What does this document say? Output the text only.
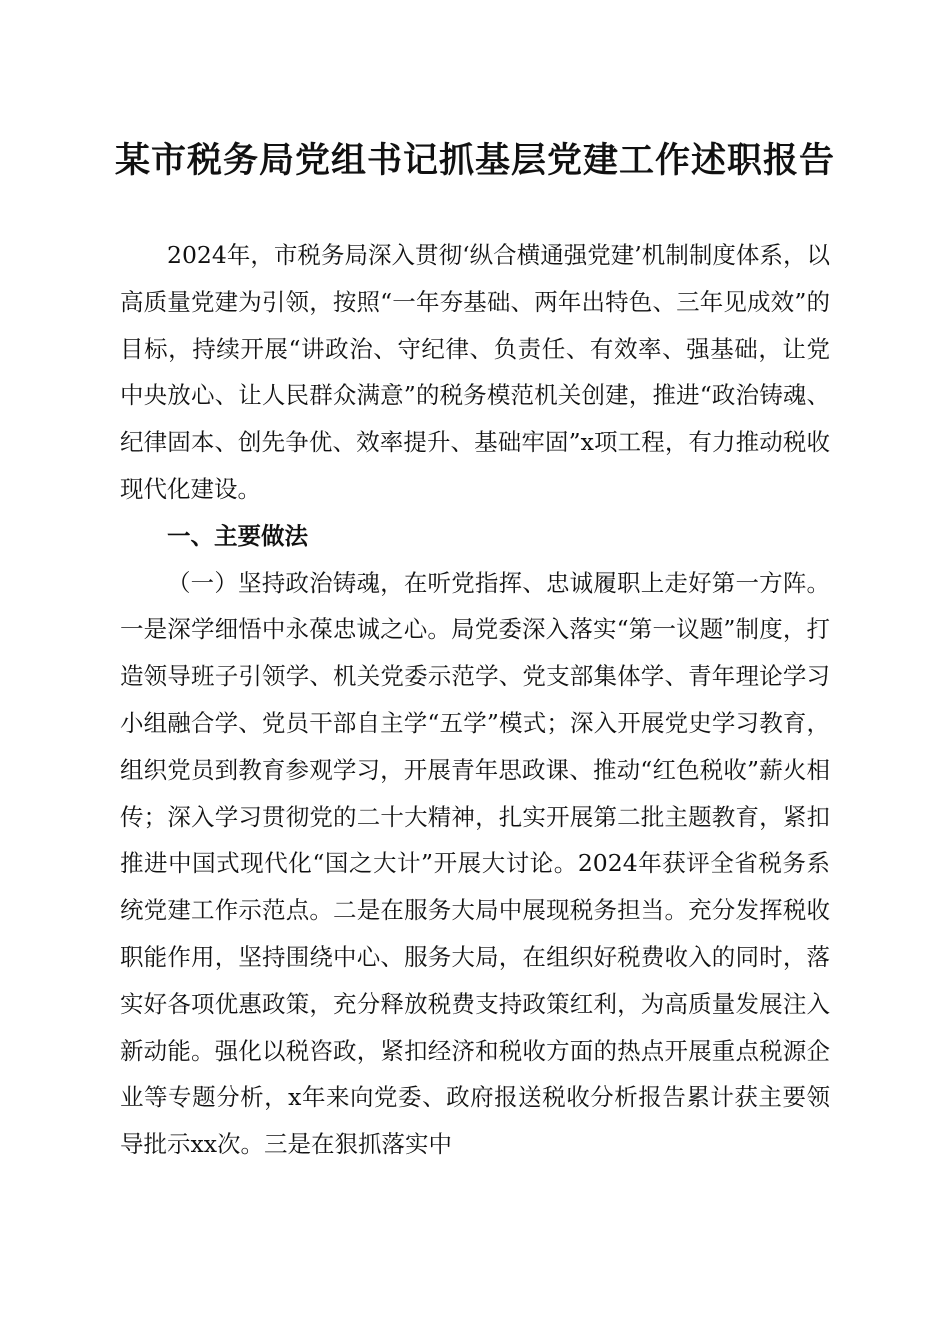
某市税务局党组书记抓基层党建工作述职报告

2024年，市税务局深入贯彻‘纵合横通强党建’机制制度体系，以高质量党建为引领，按照“一年夯基础、两年出特色、三年见成效”的目标，持续开展“讲政治、守纪律、负责任、有效率、强基础，让党中央放心、让人民群众满意”的税务模范机关创建，推进“政治铸魂、纪律固本、创先争优、效率提升、基础牢固”x项工程，有力推动税收现代化建设。

一、主要做法

（一）坚持政治铸魂，在听党指挥、忠诚履职上走好第一方阵。一是深学细悟中永葆忠诚之心。局党委深入落实“第一议题”制度，打造领导班子引领学、机关党委示范学、党支部集体学、青年理论学习小组融合学、党员干部自主学“五学”模式；深入开展党史学习教育，组织党员到教育参观学习，开展青年思政课、推动“红色税收”薪火相传；深入学习贯彻党的二十大精神，扎实开展第二批主题教育，紧扣推进中国式现代化“国之大计”开展大讨论。2024年获评全省税务系统党建工作示范点。二是在服务大局中展现税务担当。充分发挥税收职能作用，坚持围绕中心、服务大局，在组织好税费收入的同时，落实好各项优惠政策，充分释放税费支持政策红利，为高质量发展注入新动能。强化以税咨政，紧扣经济和税收方面的热点开展重点税源企业等专题分析，x年来向党委、政府报送税收分析报告累计获主要领导批示xx次。三是在狠抓落实中
